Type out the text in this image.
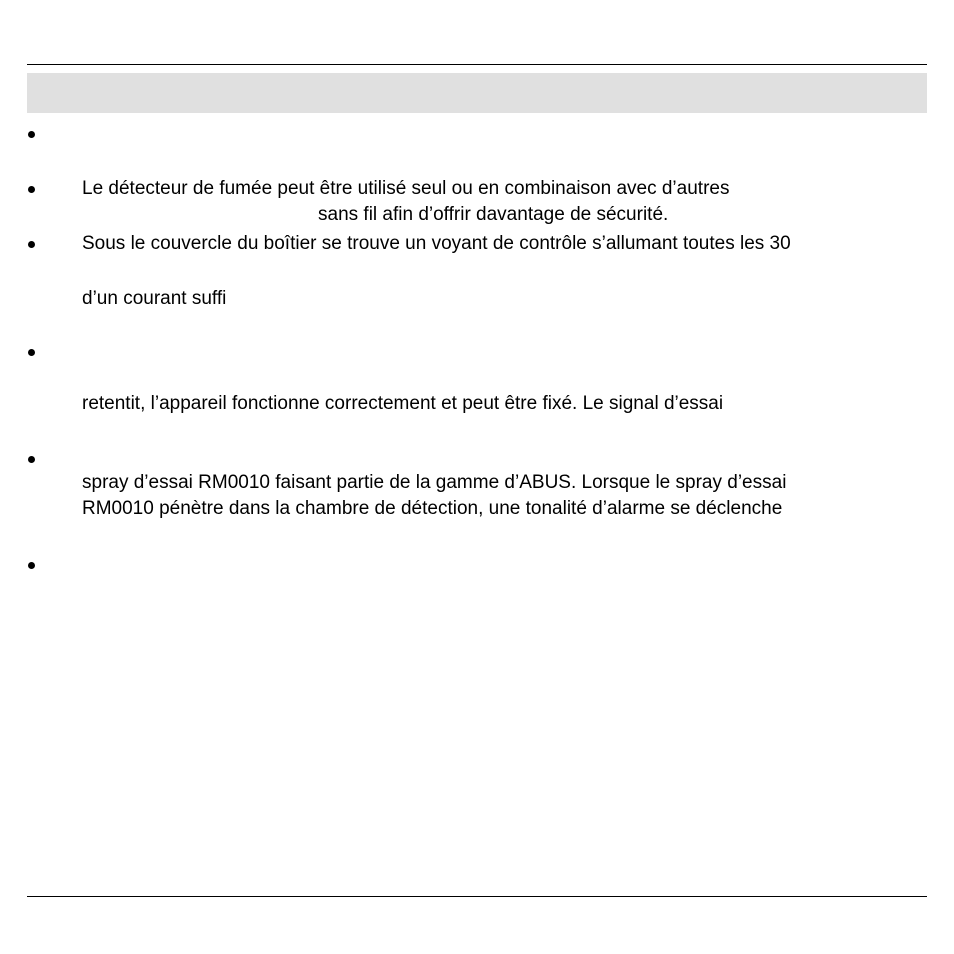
Le détecteur de fumée peut être utilisé seul ou en combinaison avec d’autres
sans fil afin d’offrir davantage de sécurité.
Sous le couvercle du boîtier se trouve un voyant de contrôle s’allumant toutes les 30
d’un courant suffi
retentit, l’appareil fonctionne correctement et peut être fixé. Le signal d’essai
spray d’essai RM0010 faisant partie de la gamme d’ABUS. Lorsque le spray d’essai
RM0010 pénètre dans la chambre de détection, une tonalité d’alarme se déclenche
